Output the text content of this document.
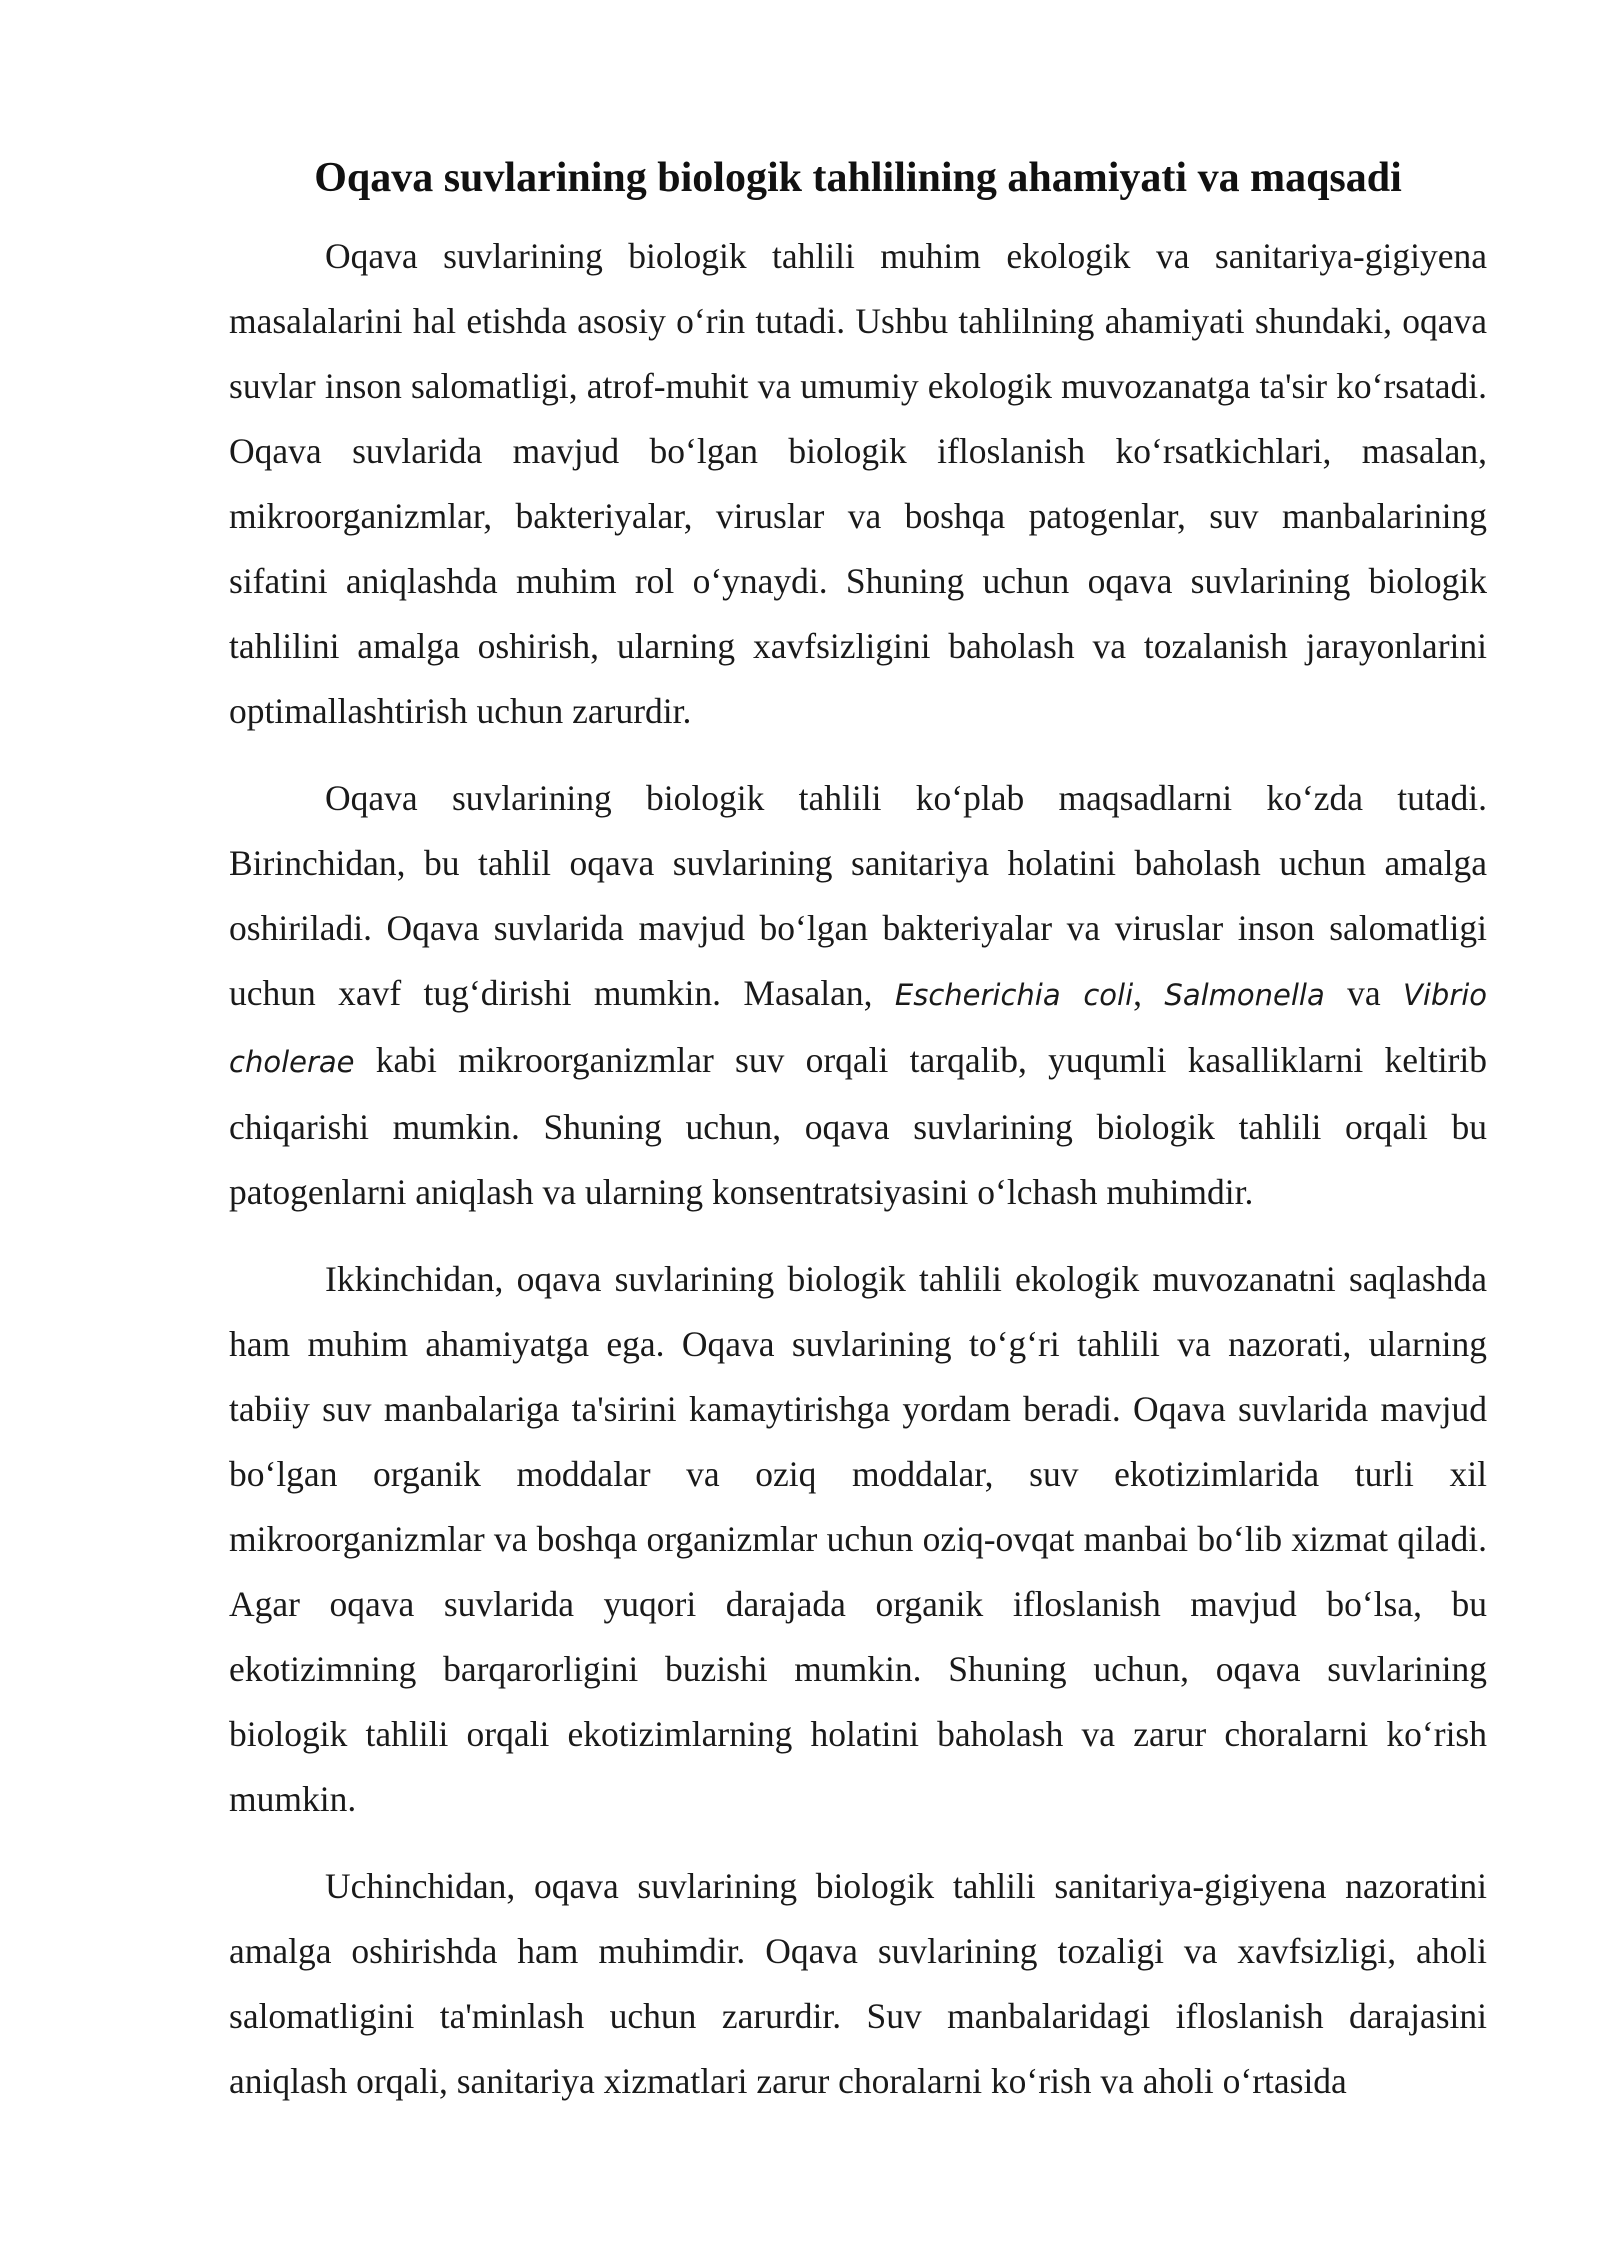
Oqava suvlarining biologik tahlilining ahamiyati va maqsadi

Oqava suvlarining biologik tahlili muhim ekologik va sanitariya-gigiyena masalalarini hal etishda asosiy o‘rin tutadi. Ushbu tahlilning ahamiyati shundaki, oqava suvlar inson salomatligi, atrof-muhit va umumiy ekologik muvozanatga ta'sir ko‘rsatadi. Oqava suvlarida mavjud bo‘lgan biologik ifloslanish ko‘rsatkichlari, masalan, mikroorganizmlar, bakteriyalar, viruslar va boshqa patogenlar, suv manbalarining sifatini aniqlashda muhim rol o‘ynaydi. Shuning uchun oqava suvlarining biologik tahlilini amalga oshirish, ularning xavfsizligini baholash va tozalanish jarayonlarini optimallashtirish uchun zarurdir.

Oqava suvlarining biologik tahlili ko‘plab maqsadlarni ko‘zda tutadi. Birinchidan, bu tahlil oqava suvlarining sanitariya holatini baholash uchun amalga oshiriladi. Oqava suvlarida mavjud bo‘lgan bakteriyalar va viruslar inson salomatligi uchun xavf tug‘dirishi mumkin. Masalan, Escherichia coli, Salmonella va Vibrio cholerae kabi mikroorganizmlar suv orqali tarqalib, yuqumli kasalliklarni keltirib chiqarishi mumkin. Shuning uchun, oqava suvlarining biologik tahlili orqali bu patogenlarni aniqlash va ularning konsentratsiyasini o‘lchash muhimdir.

Ikkinchidan, oqava suvlarining biologik tahlili ekologik muvozanatni saqlashda ham muhim ahamiyatga ega. Oqava suvlarining to‘g‘ri tahlili va nazorati, ularning tabiiy suv manbalariga ta'sirini kamaytirishga yordam beradi. Oqava suvlarida mavjud bo‘lgan organik moddalar va oziq moddalar, suv ekotizimlarida turli xil mikroorganizmlar va boshqa organizmlar uchun oziq-ovqat manbai bo‘lib xizmat qiladi. Agar oqava suvlarida yuqori darajada organik ifloslanish mavjud bo‘lsa, bu ekotizimning barqarorligini buzishi mumkin. Shuning uchun, oqava suvlarining biologik tahlili orqali ekotizimlarning holatini baholash va zarur choralarni ko‘rish mumkin.

Uchinchidan, oqava suvlarining biologik tahlili sanitariya-gigiyena nazoratini amalga oshirishda ham muhimdir. Oqava suvlarining tozaligi va xavfsizligi, aholi salomatligini ta'minlash uchun zarurdir. Suv manbalaridagi ifloslanish darajasini aniqlash orqali, sanitariya xizmatlari zarur choralarni ko‘rish va aholi o‘rtasida
